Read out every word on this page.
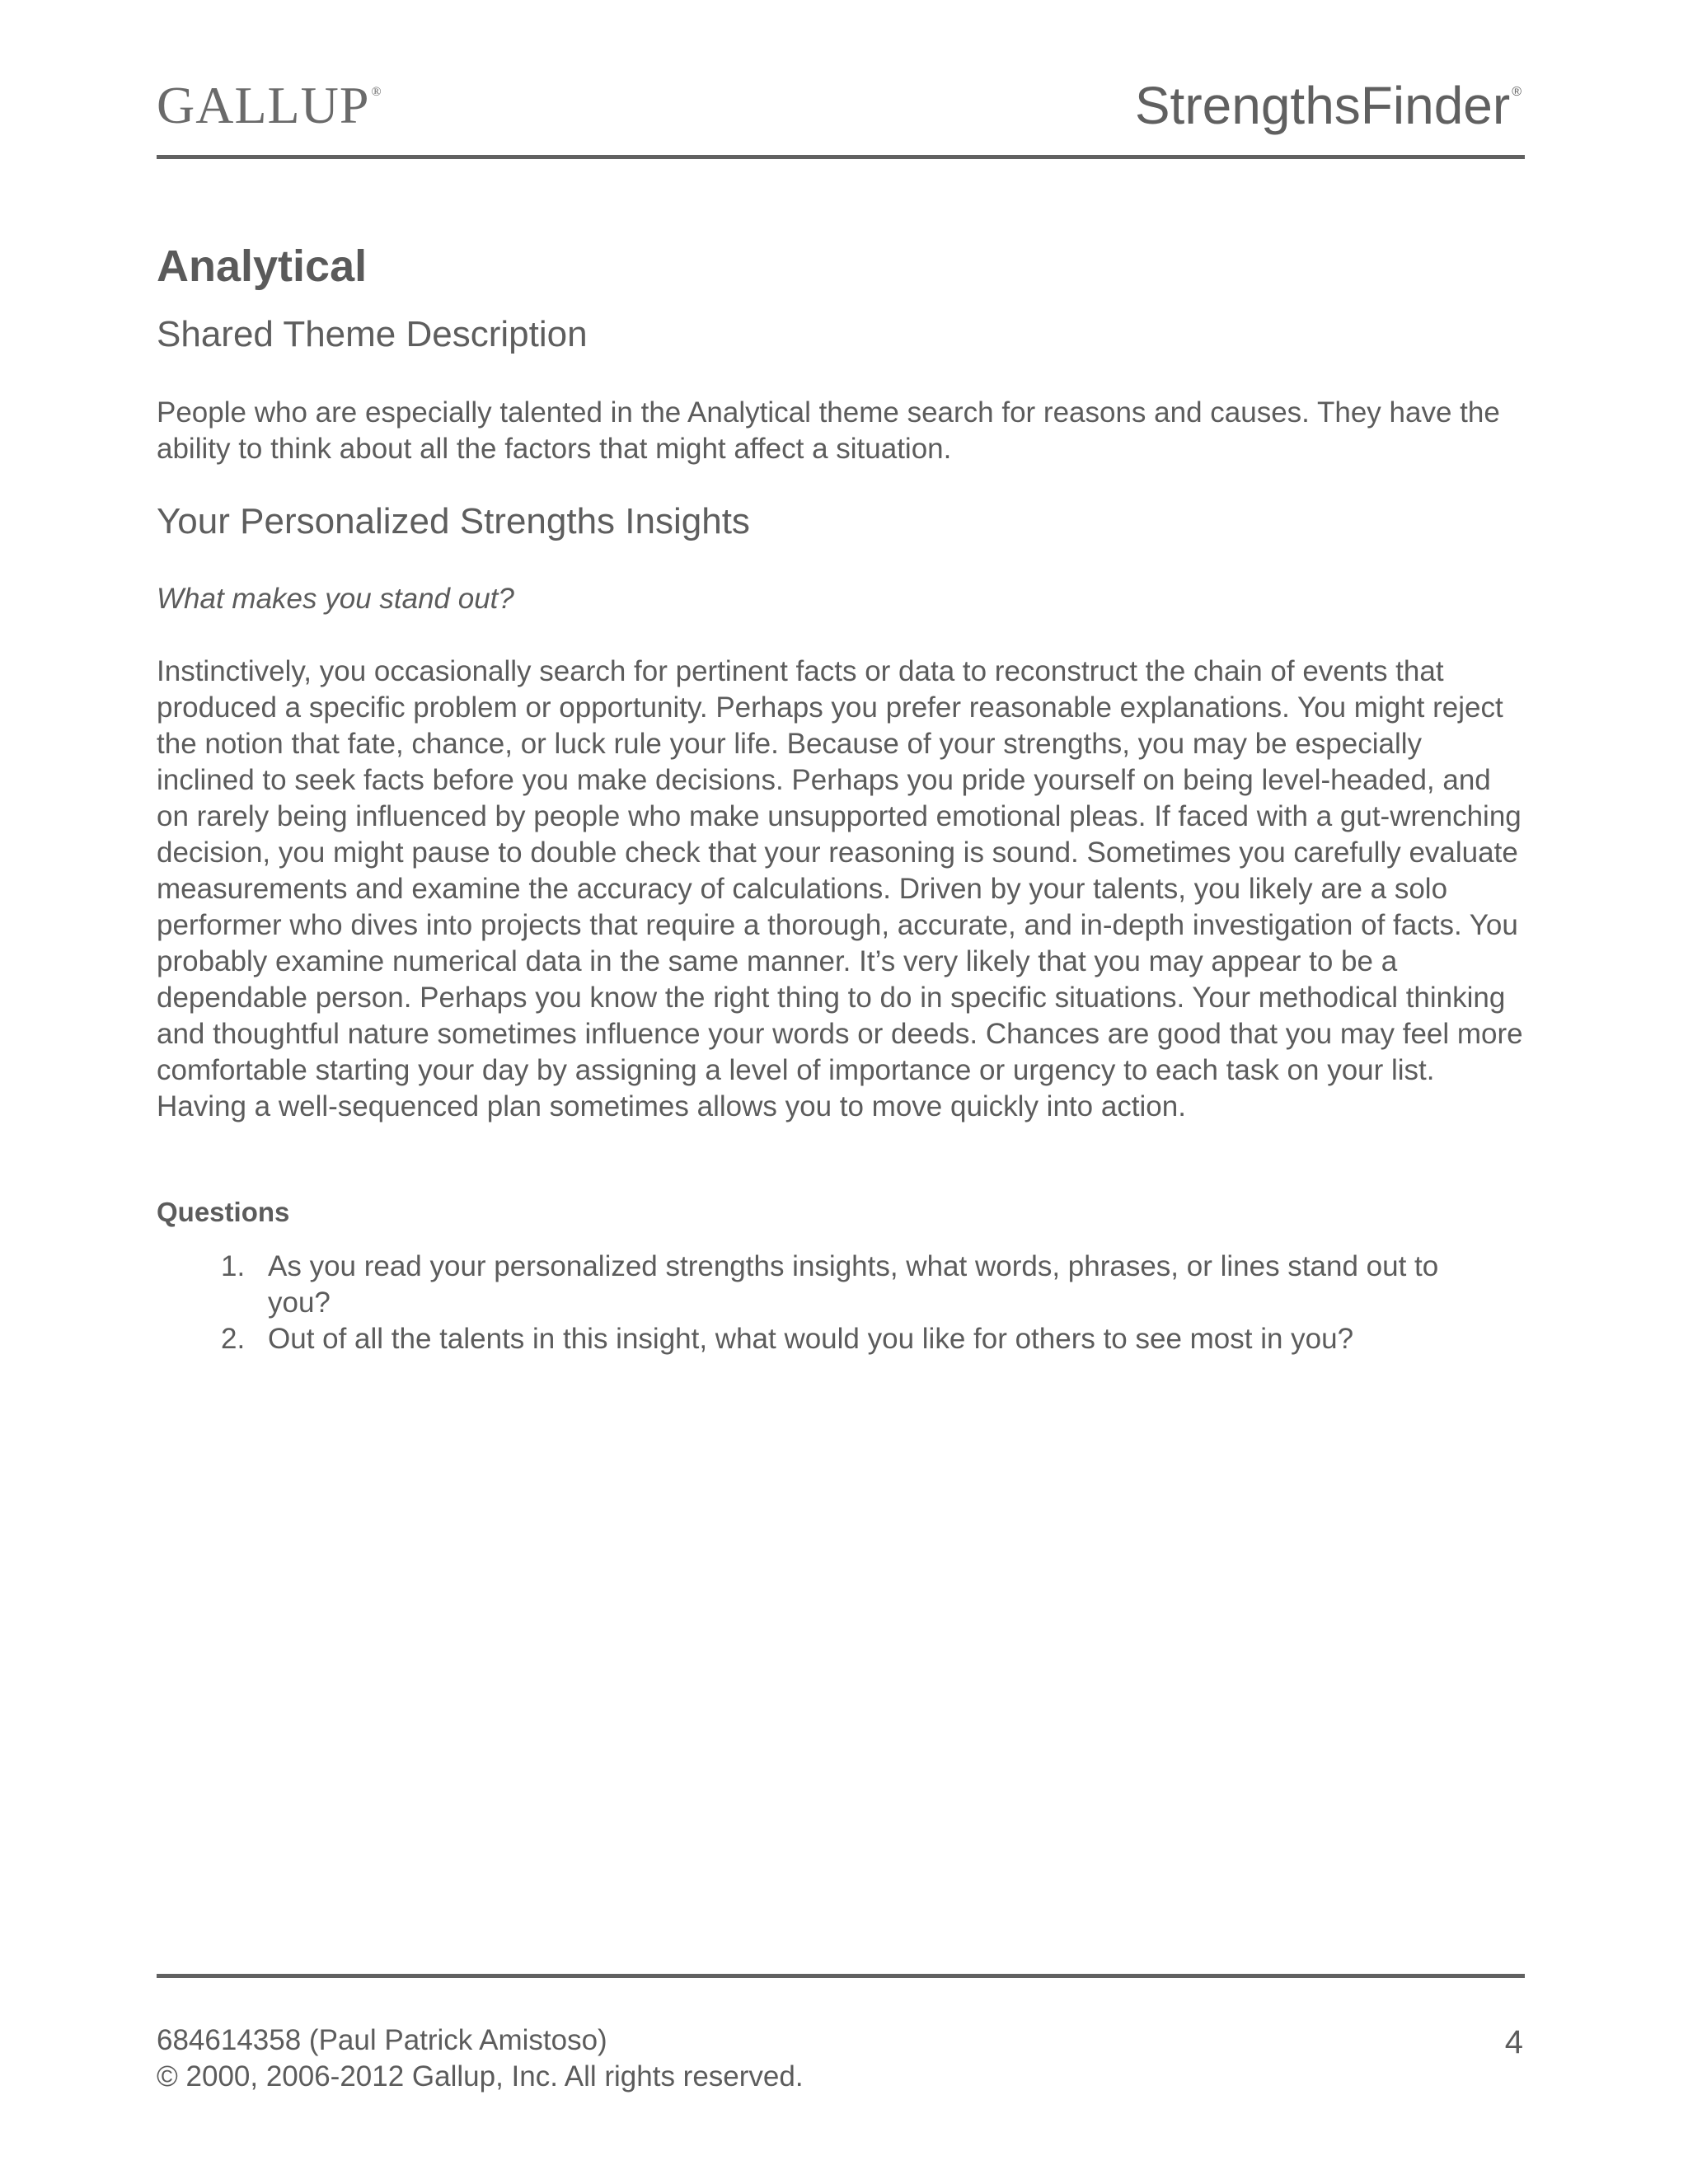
GALLUP ®	StrengthsFinder ®
Analytical
Shared Theme Description

People who are especially talented in the Analytical theme search for reasons and causes. They have the ability to think about all the factors that might affect a situation.

Your Personalized Strengths Insights

What makes you stand out?

Instinctively, you occasionally search for pertinent facts or data to reconstruct the chain of events that produced a specific problem or opportunity. Perhaps you prefer reasonable explanations. You might reject the notion that fate, chance, or luck rule your life. Because of your strengths, you may be especially inclined to seek facts before you make decisions. Perhaps you pride yourself on being level-headed, and on rarely being influenced by people who make unsupported emotional pleas. If faced with a gut-wrenching decision, you might pause to double check that your reasoning is sound. Sometimes you carefully evaluate measurements and examine the accuracy of calculations. Driven by your talents, you likely are a solo performer who dives into projects that require a thorough, accurate, and in-depth investigation of facts. You probably examine numerical data in the same manner. It’s very likely that you may appear to be a dependable person. Perhaps you know the right thing to do in specific situations. Your methodical thinking and thoughtful nature sometimes influence your words or deeds. Chances are good that you may feel more comfortable starting your day by assigning a level of importance or urgency to each task on your list. Having a well-sequenced plan sometimes allows you to move quickly into action.

Questions
1. As you read your personalized strengths insights, what words, phrases, or lines stand out to you?
2. Out of all the talents in this insight, what would you like for others to see most in you?
684614358 (Paul Patrick Amistoso)
© 2000, 2006-2012 Gallup, Inc. All rights reserved.
4
